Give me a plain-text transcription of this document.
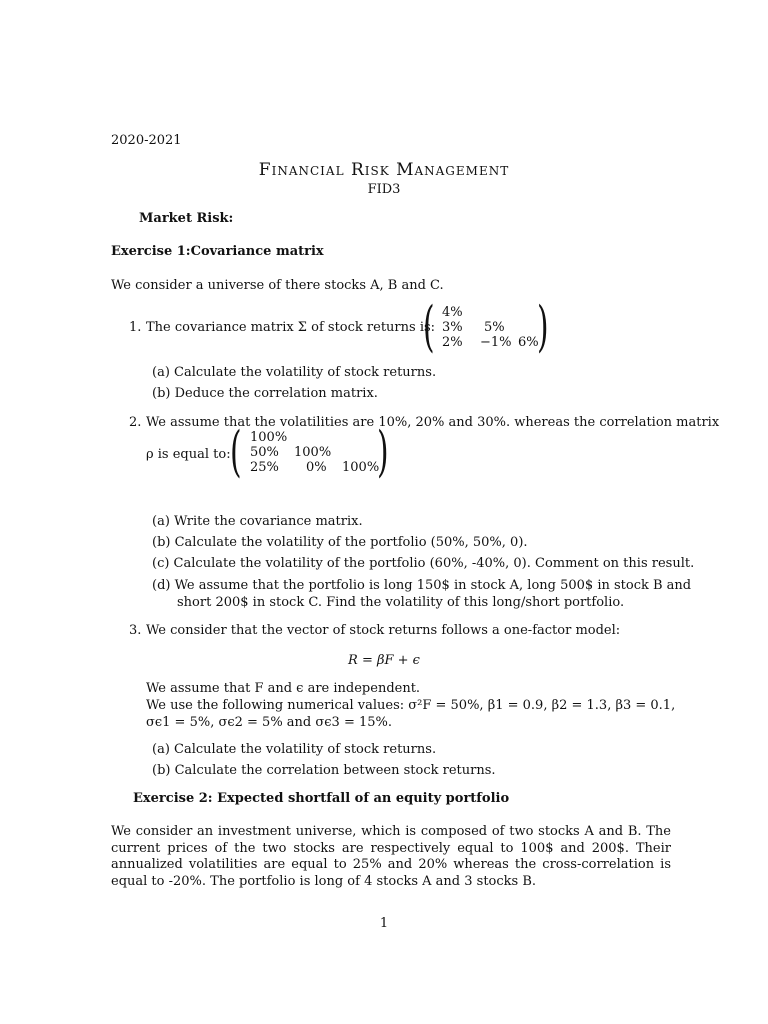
2020-2021
Financial Risk Management
FID3
Market Risk:
Exercise 1:Covariance matrix
We consider a universe of there stocks A, B and C.
1. The covariance matrix Σ of stock returns is:
( )
4%		
3%	5%	
2%	−1%	6%
(a) Calculate the volatility of stock returns.
(b) Deduce the correlation matrix.
2. We assume that the volatilities are 10%, 20% and 30%. whereas the correlation matrix
ρ is equal to: (	)
100%		
50%	100%	
25%	0%	100%
(a) Write the covariance matrix.
(b) Calculate the volatility of the portfolio (50%, 50%, 0).
(c) Calculate the volatility of the portfolio (60%, -40%, 0). Comment on this result.
(d) We assume that the portfolio is long 150$ in stock A, long 500$ in stock B and
short 200$ in stock C. Find the volatility of this long/short portfolio.
3. We consider that the vector of stock returns follows a one-factor model:
R = βF + ϵ
We assume that F and ϵ are independent.
We use the following numerical values: σ²F = 50%, β1 = 0.9, β2 = 1.3, β3 = 0.1,
σϵ1 = 5%, σϵ2 = 5% and σϵ3 = 15%.
(a) Calculate the volatility of stock returns.
(b) Calculate the correlation between stock returns.
Exercise 2: Expected shortfall of an equity portfolio
We consider an investment universe, which is composed of two stocks A and B. The current prices of the two stocks are respectively equal to 100$ and 200$. Their annualized volatilities are equal to 25% and 20% whereas the cross-correlation is equal to -20%. The portfolio is long of 4 stocks A and 3 stocks B.
1
